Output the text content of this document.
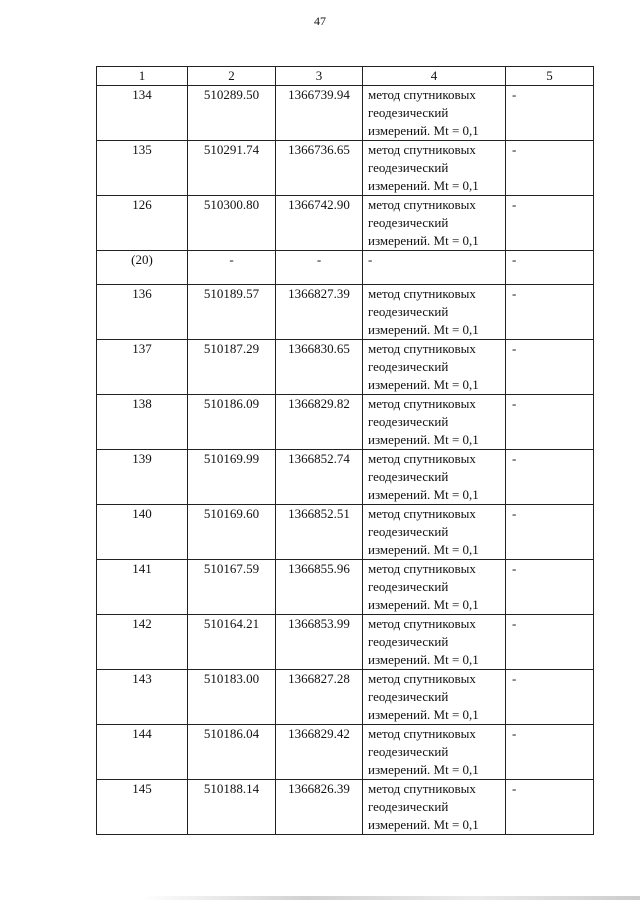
47
1	2	3	4	5
134	510289.50	1366739.94	метод спутниковых геодезический измерений. Mt = 0,1	-
135	510291.74	1366736.65	метод спутниковых геодезический измерений. Mt = 0,1	-
126	510300.80	1366742.90	метод спутниковых геодезический измерений. Mt = 0,1	-
(20)	-	-	-	-
136	510189.57	1366827.39	метод спутниковых геодезический измерений. Mt = 0,1	-
137	510187.29	1366830.65	метод спутниковых геодезический измерений. Mt = 0,1	-
138	510186.09	1366829.82	метод спутниковых геодезический измерений. Mt = 0,1	-
139	510169.99	1366852.74	метод спутниковых геодезический измерений. Mt = 0,1	-
140	510169.60	1366852.51	метод спутниковых геодезический измерений. Mt = 0,1	-
141	510167.59	1366855.96	метод спутниковых геодезический измерений. Mt = 0,1	-
142	510164.21	1366853.99	метод спутниковых геодезический измерений. Mt = 0,1	-
143	510183.00	1366827.28	метод спутниковых геодезический измерений. Mt = 0,1	-
144	510186.04	1366829.42	метод спутниковых геодезический измерений. Mt = 0,1	-
145	510188.14	1366826.39	метод спутниковых геодезический измерений. Mt = 0,1	-
